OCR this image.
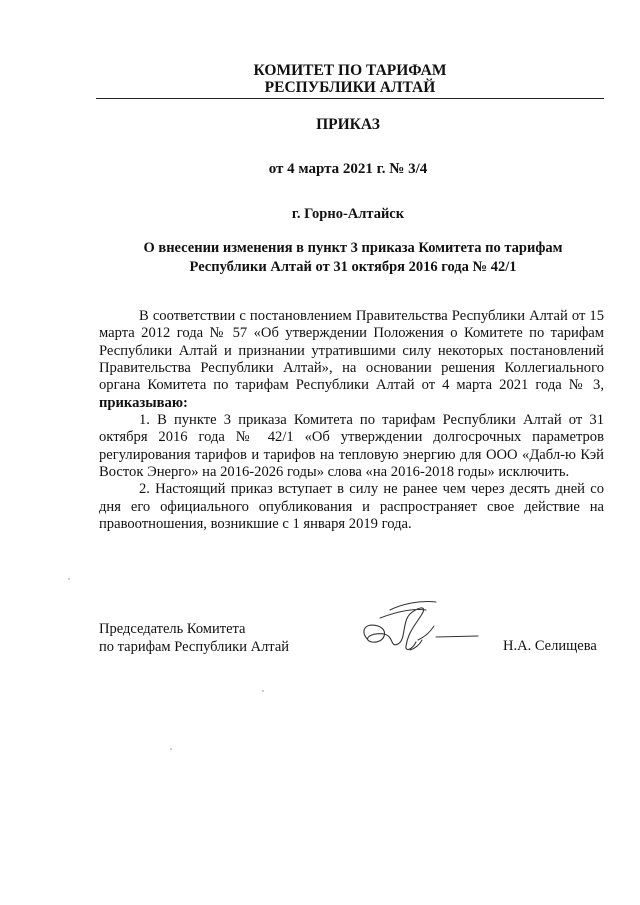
КОМИТЕТ ПО ТАРИФАМ
РЕСПУБЛИКИ АЛТАЙ
ПРИКАЗ
от 4 марта 2021 г. № 3/4
г. Горно-Алтайск
О внесении изменения в пункт 3 приказа Комитета по тарифам
Республики Алтай от 31 октября 2016 года № 42/1

В соответствии с постановлением Правительства Республики Алтай от 15 марта 2012 года № 57 «Об утверждении Положения о Комитете по тарифам Республики Алтай и признании утратившими силу некоторых постановлений Правительства Республики Алтай», на основании решения Коллегиального органа Комитета по тарифам Республики Алтай от 4 марта 2021 года № 3, приказываю:

1. В пункте 3 приказа Комитета по тарифам Республики Алтай от 31 октября 2016 года № 42/1 «Об утверждении долгосрочных параметров регулирования тарифов и тарифов на тепловую энергию для ООО «Дабл-ю Кэй Восток Энерго» на 2016-2026 годы» слова «на 2016-2018 годы» исключить.

2. Настоящий приказ вступает в силу не ранее чем через десять дней со дня его официального опубликования и распространяет свое действие на правоотношения, возникшие с 1 января 2019 года.

Председатель Комитета
по тарифам Республики Алтай	Н.А. Селищева
